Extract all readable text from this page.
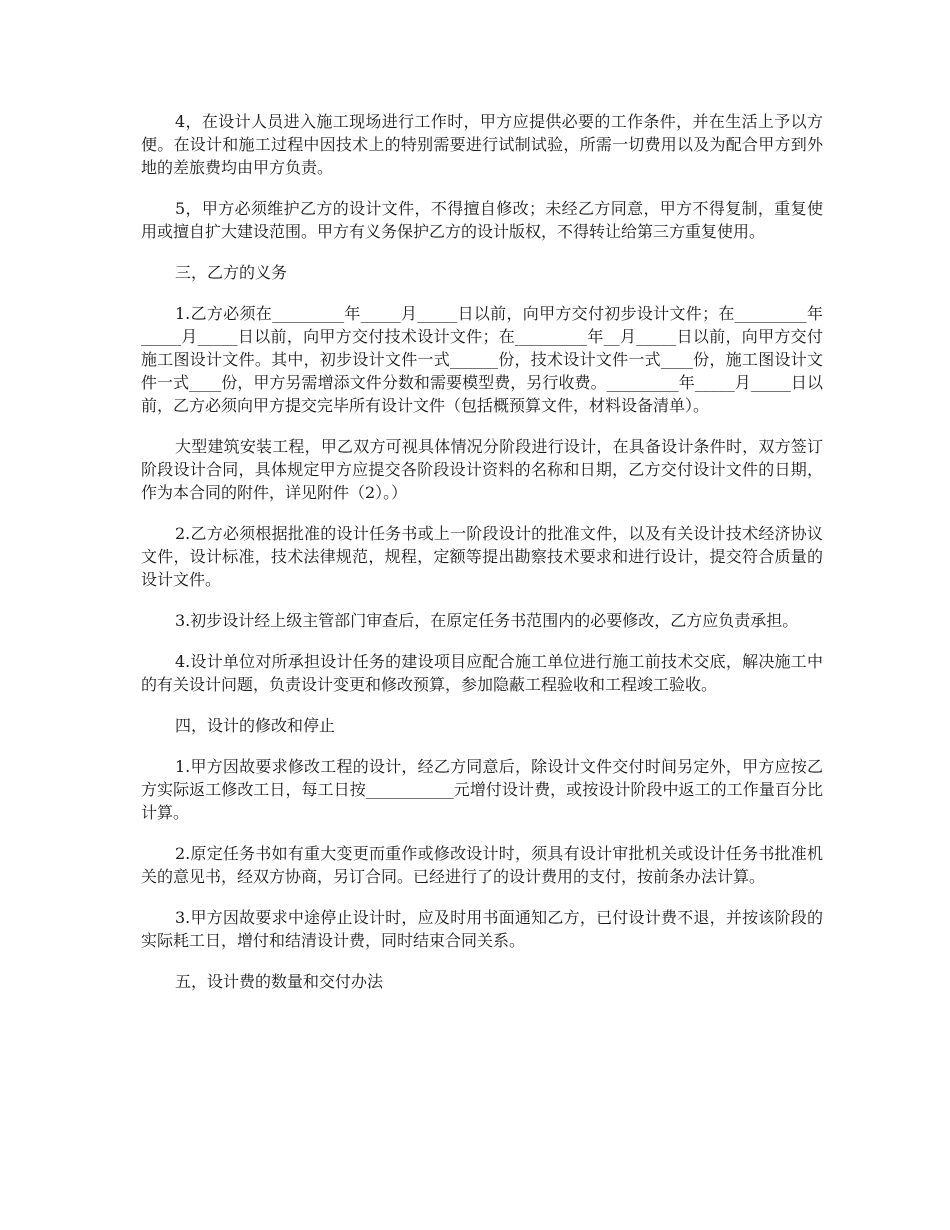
4，在设计人员进入施工现场进行工作时，甲方应提供必要的工作条件，并在生活上予以方便。在设计和施工过程中因技术上的特别需要进行试制试验，所需一切费用以及为配合甲方到外地的差旅费均由甲方负责。

5，甲方必须维护乙方的设计文件，不得擅自修改；未经乙方同意，甲方不得复制，重复使用或擅自扩大建设范围。甲方有义务保护乙方的设计版权，不得转让给第三方重复使用。

三，乙方的义务

1.乙方必须在_________年_____月_____日以前，向甲方交付初步设计文件；在_________年_____月_____日以前，向甲方交付技术设计文件；在_________年__月_____日以前，向甲方交付施工图设计文件。其中，初步设计文件一式______份，技术设计文件一式____份，施工图设计文件一式____份，甲方另需增添文件分数和需要模型费，另行收费。_________年_____月_____日以前，乙方必须向甲方提交完毕所有设计文件（包括概预算文件，材料设备清单）。

大型建筑安装工程，甲乙双方可视具体情况分阶段进行设计，在具备设计条件时，双方签订阶段设计合同，具体规定甲方应提交各阶段设计资料的名称和日期，乙方交付设计文件的日期，作为本合同的附件，详见附件（2）。）

2.乙方必须根据批准的设计任务书或上一阶段设计的批准文件，以及有关设计技术经济协议文件，设计标准，技术法律规范，规程，定额等提出勘察技术要求和进行设计，提交符合质量的设计文件。

3.初步设计经上级主管部门审查后，在原定任务书范围内的必要修改，乙方应负责承担。

4.设计单位对所承担设计任务的建设项目应配合施工单位进行施工前技术交底，解决施工中的有关设计问题，负责设计变更和修改预算，参加隐蔽工程验收和工程竣工验收。

四，设计的修改和停止

1.甲方因故要求修改工程的设计，经乙方同意后，除设计文件交付时间另定外，甲方应按乙方实际返工修改工日，每工日按___________元增付设计费，或按设计阶段中返工的工作量百分比计算。

2.原定任务书如有重大变更而重作或修改设计时，须具有设计审批机关或设计任务书批准机关的意见书，经双方协商，另订合同。已经进行了的设计费用的支付，按前条办法计算。

3.甲方因故要求中途停止设计时，应及时用书面通知乙方，已付设计费不退，并按该阶段的实际耗工日，增付和结清设计费，同时结束合同关系。

五，设计费的数量和交付办法
